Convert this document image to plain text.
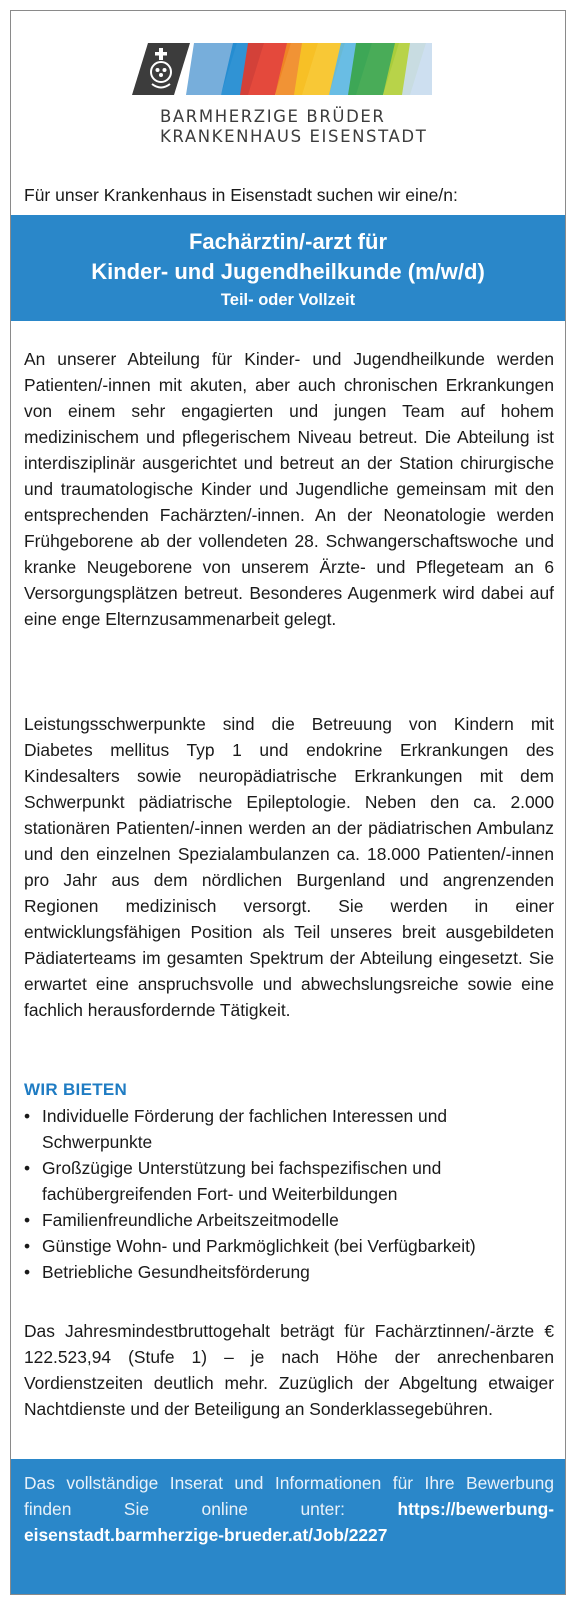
BARMHERZIGE BRÜDER
KRANKENHAUS EISENSTADT
Für unser Krankenhaus in Eisenstadt suchen wir eine/n:
Fachärztin/-arzt für
Kinder- und Jugendheilkunde (m/w/d)
Teil- oder Vollzeit

An unserer Abteilung für Kinder- und Jugendheilkunde werden Patienten/-innen mit akuten, aber auch chronischen Erkrankungen von einem sehr engagierten und jungen Team auf hohem medizinischem und pflegerischem Niveau betreut. Die Abteilung ist interdisziplinär ausgerichtet und betreut an der Station chirurgische und traumatologische Kinder und Jugendliche gemeinsam mit den entsprechenden Fachärzten/-innen. An der Neonatologie werden Frühgeborene ab der vollendeten 28. Schwangerschaftswoche und kranke Neugeborene von unserem Ärzte- und Pflegeteam an 6 Versorgungsplätzen betreut. Besonderes Augenmerk wird dabei auf eine enge Elternzusammenarbeit gelegt.

Leistungsschwerpunkte sind die Betreuung von Kindern mit Diabetes mellitus Typ 1 und endokrine Erkrankungen des Kindesalters sowie neuropädiatrische Erkrankungen mit dem Schwerpunkt pädiatrische Epileptologie. Neben den ca. 2.000 stationären Patienten/-innen werden an der pädiatrischen Ambulanz und den einzelnen Spezialambulanzen ca. 18.000 Patienten/-innen pro Jahr aus dem nördlichen Burgenland und angrenzenden Regionen medizinisch versorgt. Sie werden in einer entwicklungsfähigen Position als Teil unseres breit ausgebildeten Pädiaterteams im gesamten Spektrum der Abteilung eingesetzt. Sie erwartet eine anspruchsvolle und abwechslungsreiche sowie eine fachlich herausfordernde Tätigkeit.

WIR BIETEN
• Individuelle Förderung der fachlichen Interessen und Schwerpunkte
• Großzügige Unterstützung bei fachspezifischen und fachübergreifenden Fort- und Weiterbildungen
• Familienfreundliche Arbeitszeitmodelle
• Günstige Wohn- und Parkmöglichkeit (bei Verfügbarkeit)
• Betriebliche Gesundheitsförderung

Das Jahresmindestbruttogehalt beträgt für Fachärztinnen/-ärzte € 122.523,94 (Stufe 1) – je nach Höhe der anrechenbaren Vordienstzeiten deutlich mehr. Zuzüglich der Abgeltung etwaiger Nachtdienste und der Beteiligung an Sonderklassegebühren.

Das vollständige Inserat und Informationen für Ihre Bewerbung finden Sie online unter:	https://bewerbung-eisenstadt.barmherzige-brueder.at/Job/2227
